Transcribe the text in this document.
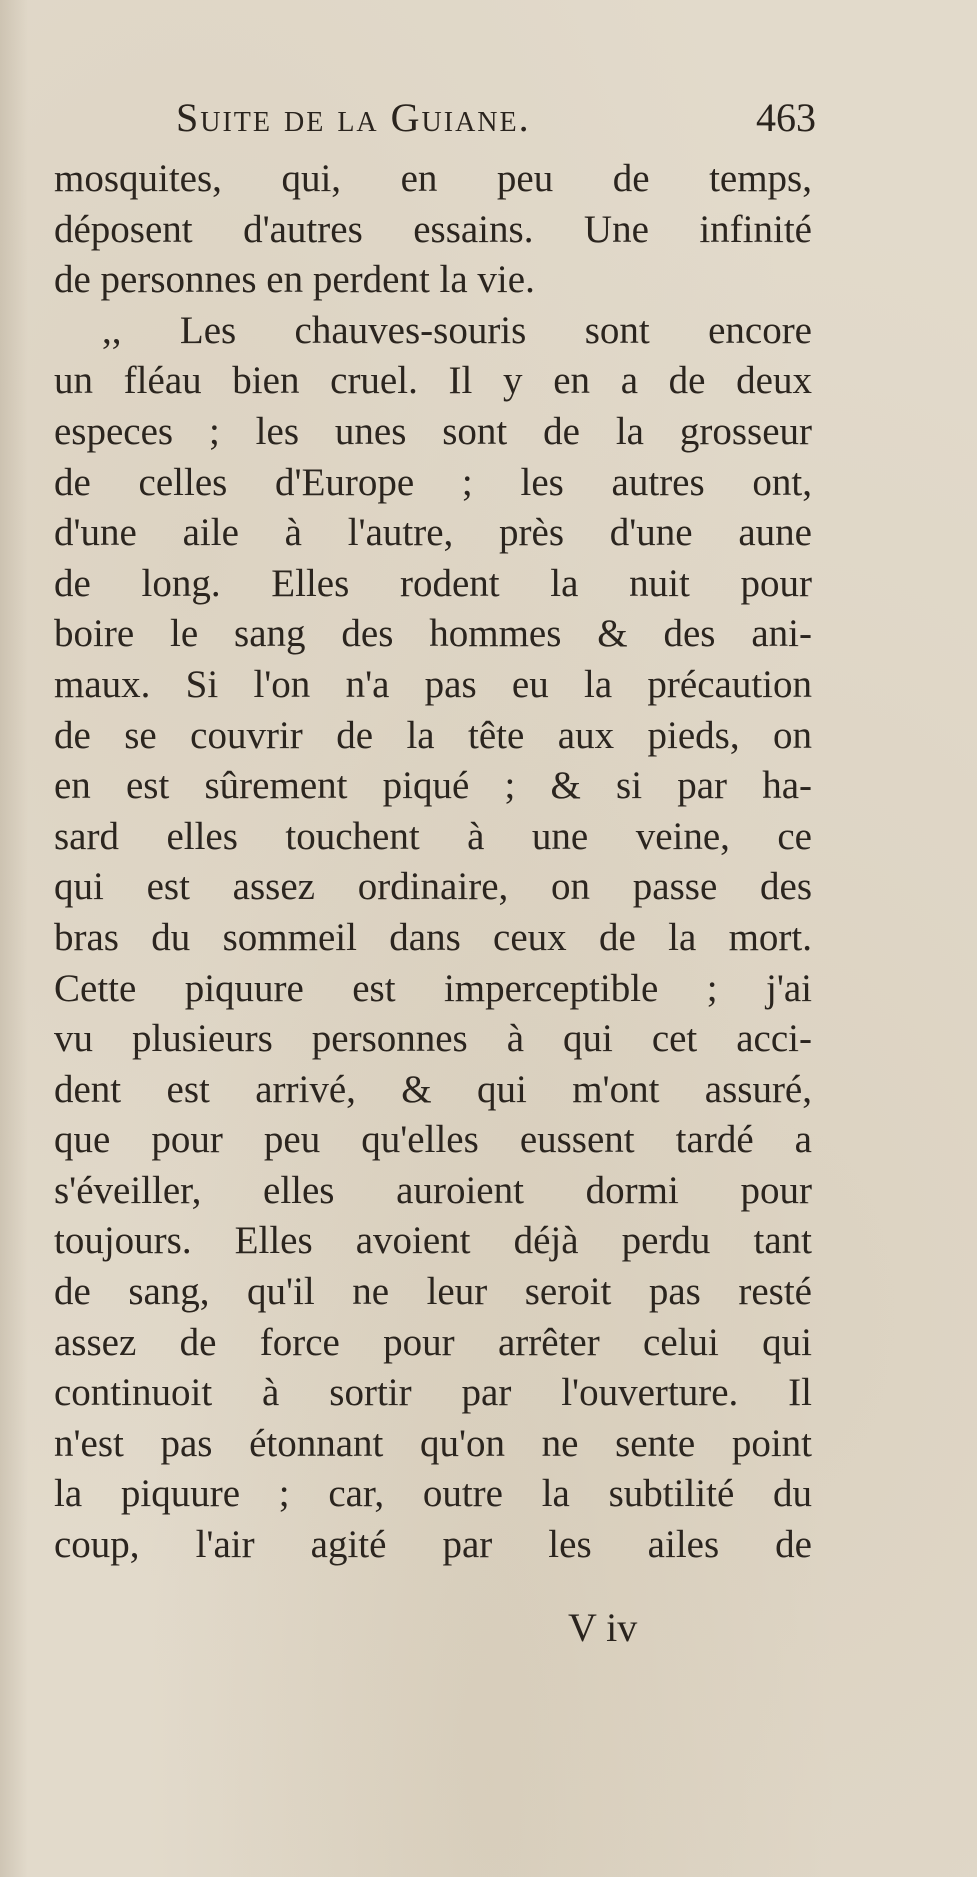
Suite de la Guiane.	463
mosquites, qui, en peu de temps,
déposent d'autres essains. Une infinité
de personnes en perdent la vie.
,, Les chauves-souris sont encore
un fléau bien cruel. Il y en a de deux
especes ; les unes sont de la grosseur
de celles d'Europe ; les autres ont,
d'une aile à l'autre, près d'une aune
de long. Elles rodent la nuit pour
boire le sang des hommes & des ani-
maux. Si l'on n'a pas eu la précaution
de se couvrir de la tête aux pieds, on
en est sûrement piqué ; & si par ha-
sard elles touchent à une veine, ce
qui est assez ordinaire, on passe des
bras du sommeil dans ceux de la mort.
Cette piquure est imperceptible ; j'ai
vu plusieurs personnes à qui cet acci-
dent est arrivé, & qui m'ont assuré,
que pour peu qu'elles eussent tardé a
s'éveiller, elles auroient dormi pour
toujours. Elles avoient déjà perdu tant
de sang, qu'il ne leur seroit pas resté
assez de force pour arrêter celui qui
continuoit à sortir par l'ouverture. Il
n'est pas étonnant qu'on ne sente point
la piquure ; car, outre la subtilité du
coup, l'air agité par les ailes de
V iv
